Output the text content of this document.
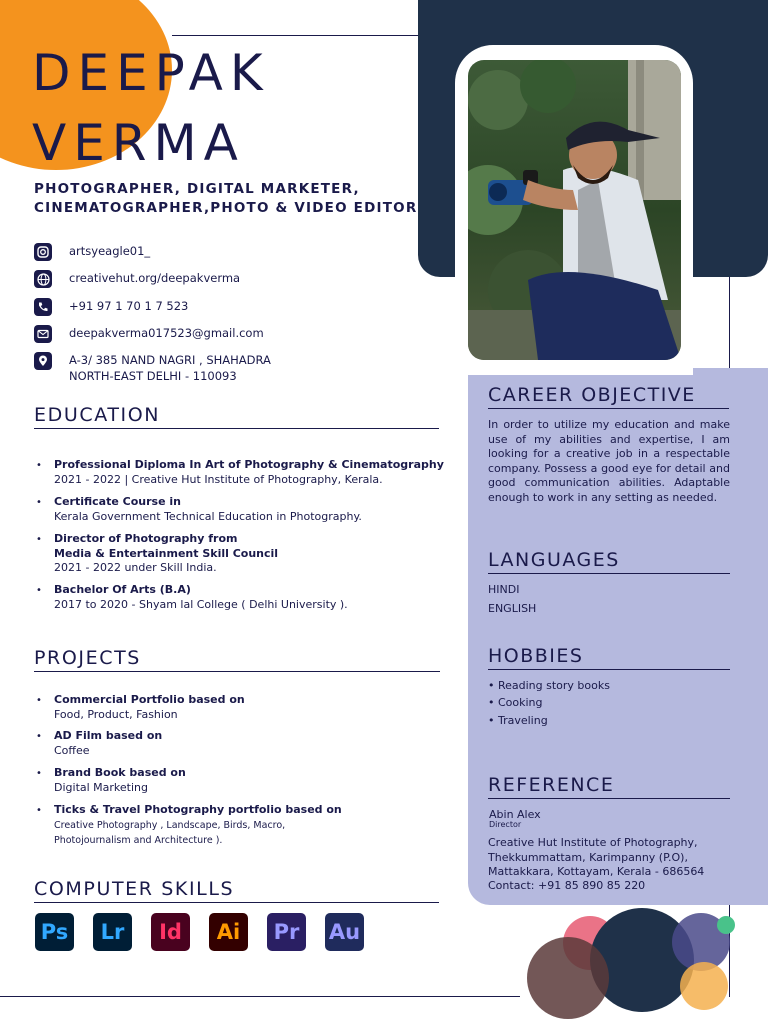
DEEPAK
VERMA
PHOTOGRAPHER, DIGITAL MARKETER,
CINEMATOGRAPHER,PHOTO & VIDEO EDITOR
artsyeagle01_
creativehut.org/deepakverma
+91 97 1 70 1 7 523
deepakverma017523@gmail.com
A-3/ 385 NAND NAGRI , SHAHADRA
NORTH-EAST DELHI - 110093
EDUCATION
•	Professional Diploma In Art of Photography & Cinematography
2021 - 2022 | Creative Hut Institute of Photography, Kerala.
•	Certificate Course in
Kerala Government Technical Education in Photography.
•	Director of Photography from
Media & Entertainment Skill Council
2021 - 2022 under Skill India.
•	Bachelor Of Arts (B.A)
2017 to 2020 - Shyam lal College ( Delhi University ).
PROJECTS
•	Commercial Portfolio based on
Food, Product, Fashion
•	AD Film based on
Coffee
•	Brand Book based on
Digital Marketing
•	Ticks & Travel Photography portfolio based on
Creative Photography , Landscape, Birds, Macro,
Photojournalism and Architecture ).
COMPUTER SKILLS
Ps	Lr	Id	Ai	Pr	Au
CAREER OBJECTIVE
In order to utilize my education and make use of my abilities and expertise, I am looking for a creative job in a respectable company. Possess a good eye for detail and good communication abilities. Adaptable enough to work in any setting as needed.
LANGUAGES
HINDI
ENGLISH
HOBBIES
• Reading story books
• Cooking
• Traveling
REFERENCE
Abin Alex
Director
Creative Hut Institute of Photography,
Thekkummattam, Karimpanny (P.O),
Mattakkara, Kottayam, Kerala - 686564
Contact: +91 85 890 85 220
